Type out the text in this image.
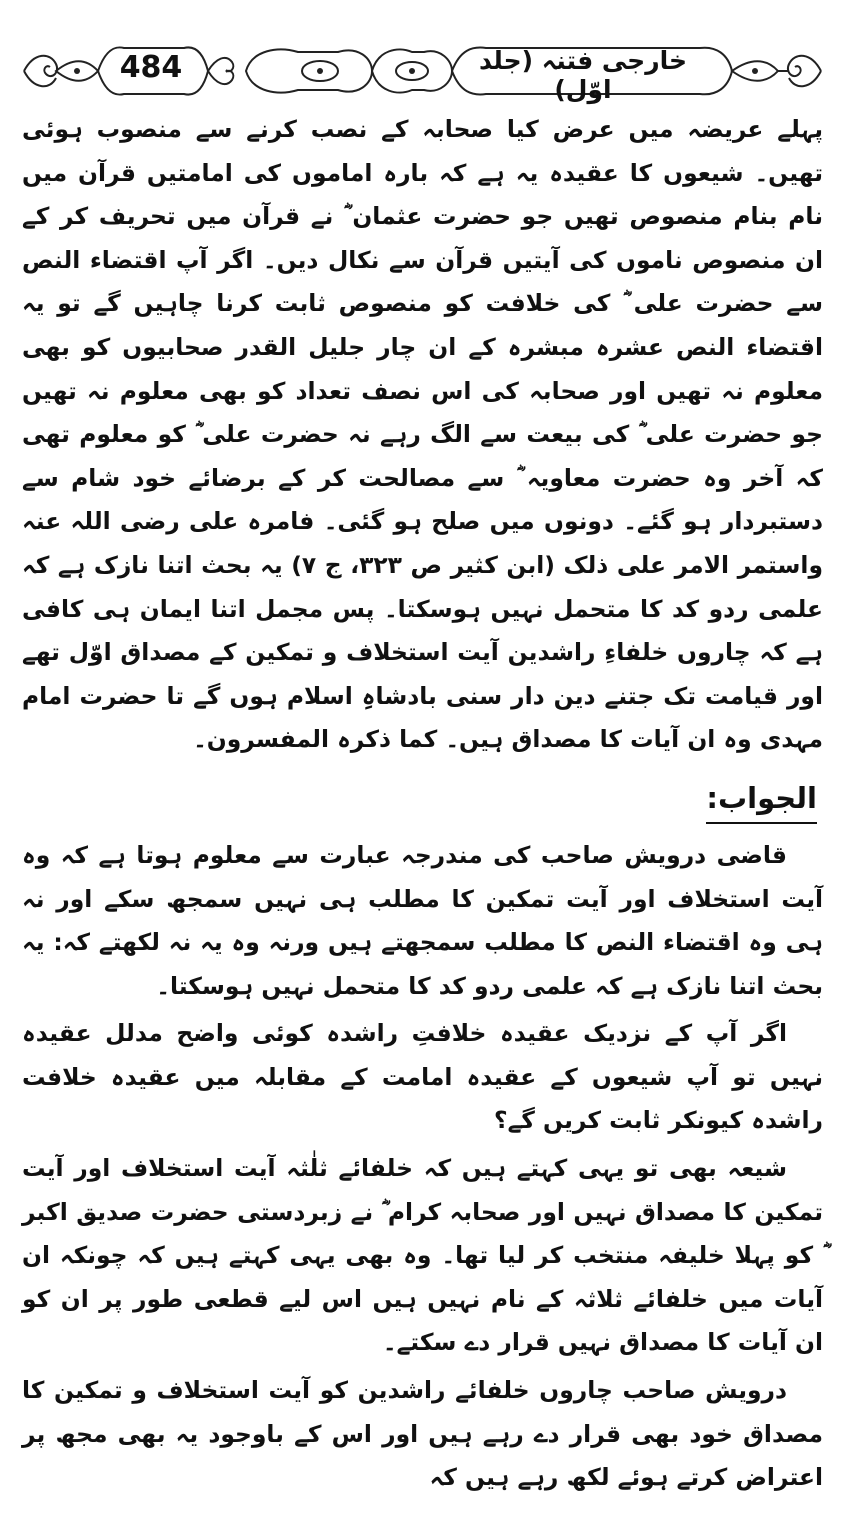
484	خارجی فتنہ (جلد اوّل)

پہلے عریضہ میں عرض کیا صحابہ کے نصب کرنے سے منصوب ہوئی تھیں۔ شیعوں کا عقیدہ یہ ہے کہ بارہ اماموں کی امامتیں قرآن میں نام بنام منصوص تھیں جو حضرت عثمان ؓ نے قرآن میں تحریف کر کے ان منصوص ناموں کی آیتیں قرآن سے نکال دیں۔ اگر آپ اقتضاء النص سے حضرت علی ؓ کی خلافت کو منصوص ثابت کرنا چاہیں گے تو یہ اقتضاء النص عشرہ مبشرہ کے ان چار جلیل القدر صحابیوں کو بھی معلوم نہ تھیں اور صحابہ کی اس نصف تعداد کو بھی معلوم نہ تھیں جو حضرت علی ؓ کی بیعت سے الگ رہے نہ حضرت علی ؓ کو معلوم تھی کہ آخر وہ حضرت معاویہ ؓ سے مصالحت کر کے برضائے خود شام سے دستبردار ہو گئے۔ دونوں میں صلح ہو گئی۔ فامرہ علی رضی اللہ عنہ واستمر الامر علی ذلک (ابن کثیر ص ۳۲۳، ج ۷) یہ بحث اتنا نازک ہے کہ علمی ردو کد کا متحمل نہیں ہوسکتا۔ پس مجمل اتنا ایمان ہی کافی ہے کہ چاروں خلفاءِ راشدین آیت استخلاف و تمکین کے مصداق اوّل تھے اور قیامت تک جتنے دین دار سنی بادشاہِ اسلام ہوں گے تا حضرت امام مہدی وہ ان آیات کا مصداق ہیں۔ کما ذکرہ المفسرون۔

الجواب:

قاضی درویش صاحب کی مندرجہ عبارت سے معلوم ہوتا ہے کہ وہ آیت استخلاف اور آیت تمکین کا مطلب ہی نہیں سمجھ سکے اور نہ ہی وہ اقتضاء النص کا مطلب سمجھتے ہیں ورنہ وہ یہ نہ لکھتے کہ: یہ بحث اتنا نازک ہے کہ علمی ردو کد کا متحمل نہیں ہوسکتا۔

اگر آپ کے نزدیک عقیدہ خلافتِ راشدہ کوئی واضح مدلل عقیدہ نہیں تو آپ شیعوں کے عقیدہ امامت کے مقابلہ میں عقیدہ خلافت راشدہ کیونکر ثابت کریں گے؟

شیعہ بھی تو یہی کہتے ہیں کہ خلفائے ثلٰثہ آیت استخلاف اور آیت تمکین کا مصداق نہیں اور صحابہ کرام ؓ نے زبردستی حضرت صدیق اکبر ؓ کو پہلا خلیفہ منتخب کر لیا تھا۔ وہ بھی یہی کہتے ہیں کہ چونکہ ان آیات میں خلفائے ثلاثہ کے نام نہیں ہیں اس لیے قطعی طور پر ان کو ان آیات کا مصداق نہیں قرار دے سکتے۔

درویش صاحب چاروں خلفائے راشدین کو آیت استخلاف و تمکین کا مصداق خود بھی قرار دے رہے ہیں اور اس کے باوجود یہ بھی مجھ پر اعتراض کرتے ہوئے لکھ رہے ہیں کہ
